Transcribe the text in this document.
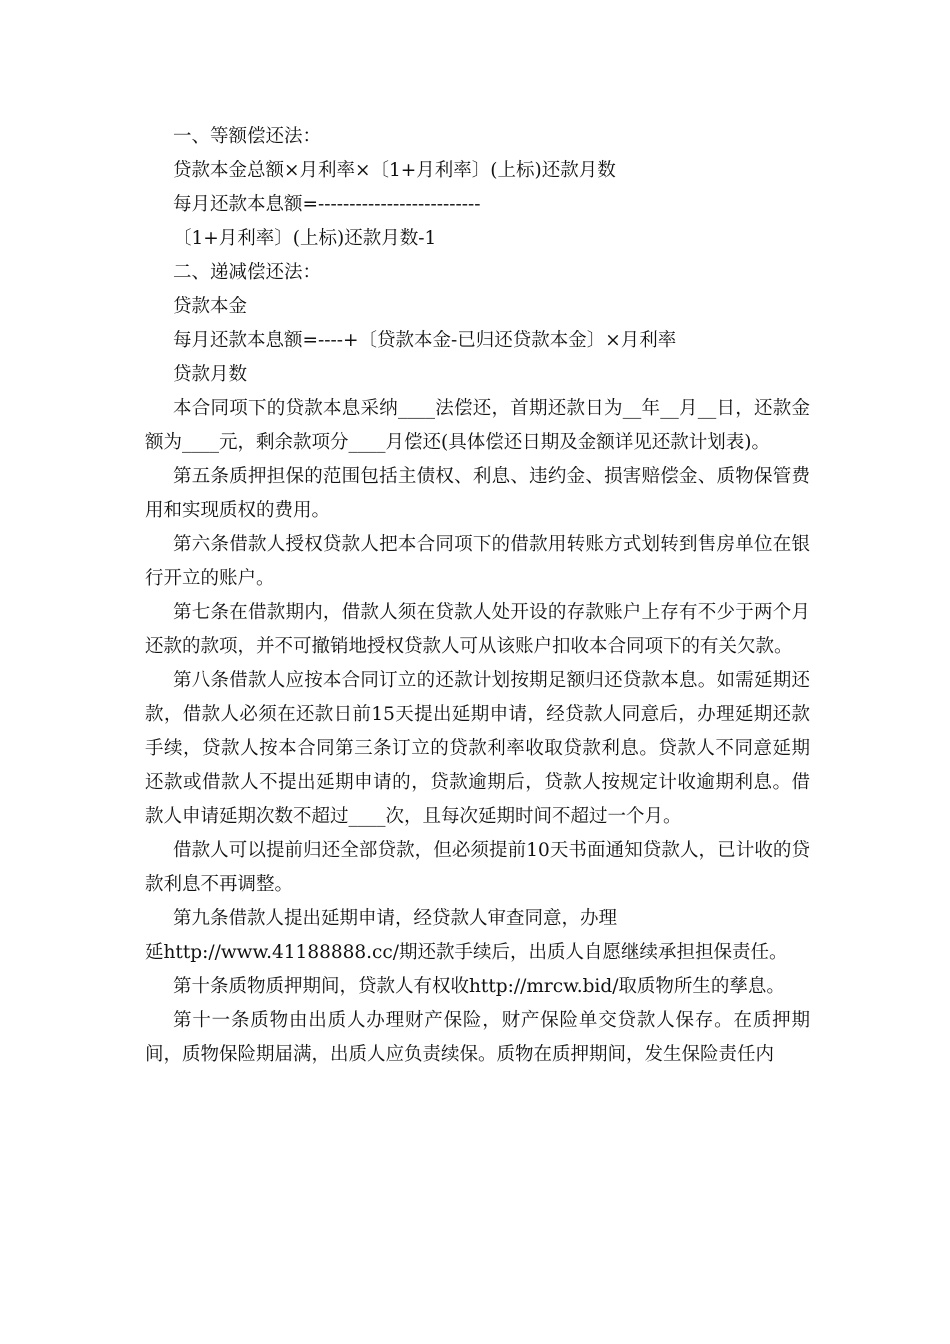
一、等额偿还法：

贷款本金总额×月利率×〔1+月利率〕(上标)还款月数

每月还款本息额=--------------------------

〔1+月利率〕(上标)还款月数-1

二、递减偿还法：

贷款本金

每月还款本息额=----+〔贷款本金-已归还贷款本金〕×月利率

贷款月数

本合同项下的贷款本息采纳____法偿还，首期还款日为__年__月__日，还款金额为____元，剩余款项分____月偿还(具体偿还日期及金额详见还款计划表)。

第五条质押担保的范围包括主债权、利息、违约金、损害赔偿金、质物保管费用和实现质权的费用。

第六条借款人授权贷款人把本合同项下的借款用转账方式划转到售房单位在银行开立的账户。

第七条在借款期内，借款人须在贷款人处开设的存款账户上存有不少于两个月还款的款项，并不可撤销地授权贷款人可从该账户扣收本合同项下的有关欠款。

第八条借款人应按本合同订立的还款计划按期足额归还贷款本息。如需延期还款，借款人必须在还款日前15天提出延期申请，经贷款人同意后，办理延期还款手续，贷款人按本合同第三条订立的贷款利率收取贷款利息。贷款人不同意延期还款或借款人不提出延期申请的，贷款逾期后，贷款人按规定计收逾期利息。借款人申请延期次数不超过____次，且每次延期时间不超过一个月。

借款人可以提前归还全部贷款，但必须提前10天书面通知贷款人，已计收的贷款利息不再调整。

第九条借款人提出延期申请，经贷款人审查同意，办理

延http://www.41188888.cc/期还款手续后，出质人自愿继续承担担保责任。

第十条质物质押期间，贷款人有权收http://mrcw.bid/取质物所生的孳息。

第十一条质物由出质人办理财产保险，财产保险单交贷款人保存。在质押期间，质物保险期届满，出质人应负责续保。质物在质押期间，发生保险责任内
